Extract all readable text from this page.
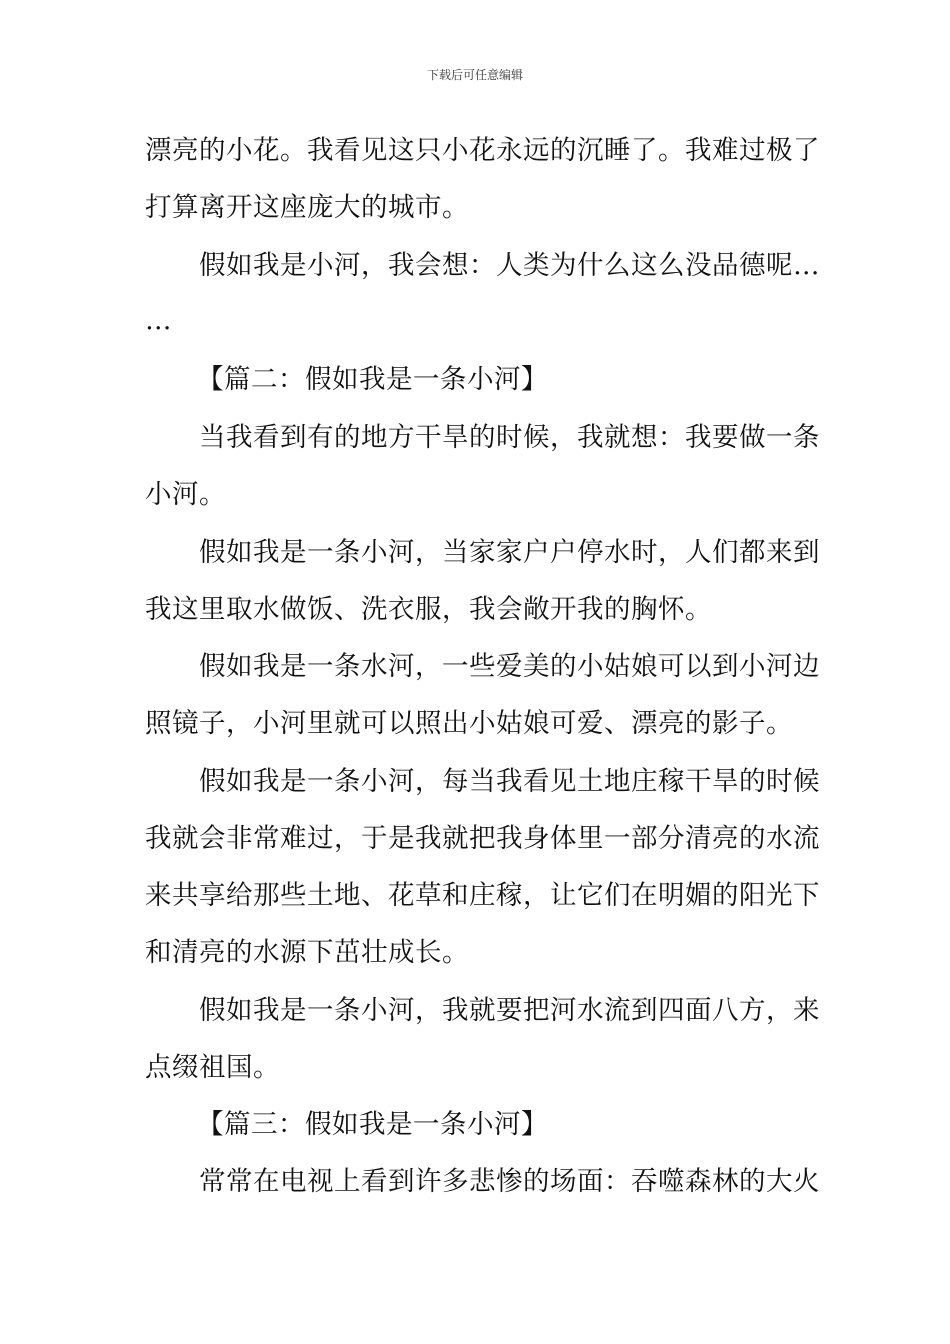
下载后可任意编辑
漂亮的小花。我看见这只小花永远的沉睡了。我难过极了
打算离开这座庞大的城市。
假如我是小河，我会想：人类为什么这么没品德呢…
…
【篇二：假如我是一条小河】
当我看到有的地方干旱的时候，我就想：我要做一条
小河。
假如我是一条小河，当家家户户停水时，人们都来到
我这里取水做饭、洗衣服，我会敞开我的胸怀。
假如我是一条水河，一些爱美的小姑娘可以到小河边
照镜子，小河里就可以照出小姑娘可爱、漂亮的影子。
假如我是一条小河，每当我看见土地庄稼干旱的时候
我就会非常难过，于是我就把我身体里一部分清亮的水流
来共享给那些土地、花草和庄稼，让它们在明媚的阳光下
和清亮的水源下茁壮成长。
假如我是一条小河，我就要把河水流到四面八方，来
点缀祖国。
【篇三：假如我是一条小河】
常常在电视上看到许多悲惨的场面：吞噬森林的大火
